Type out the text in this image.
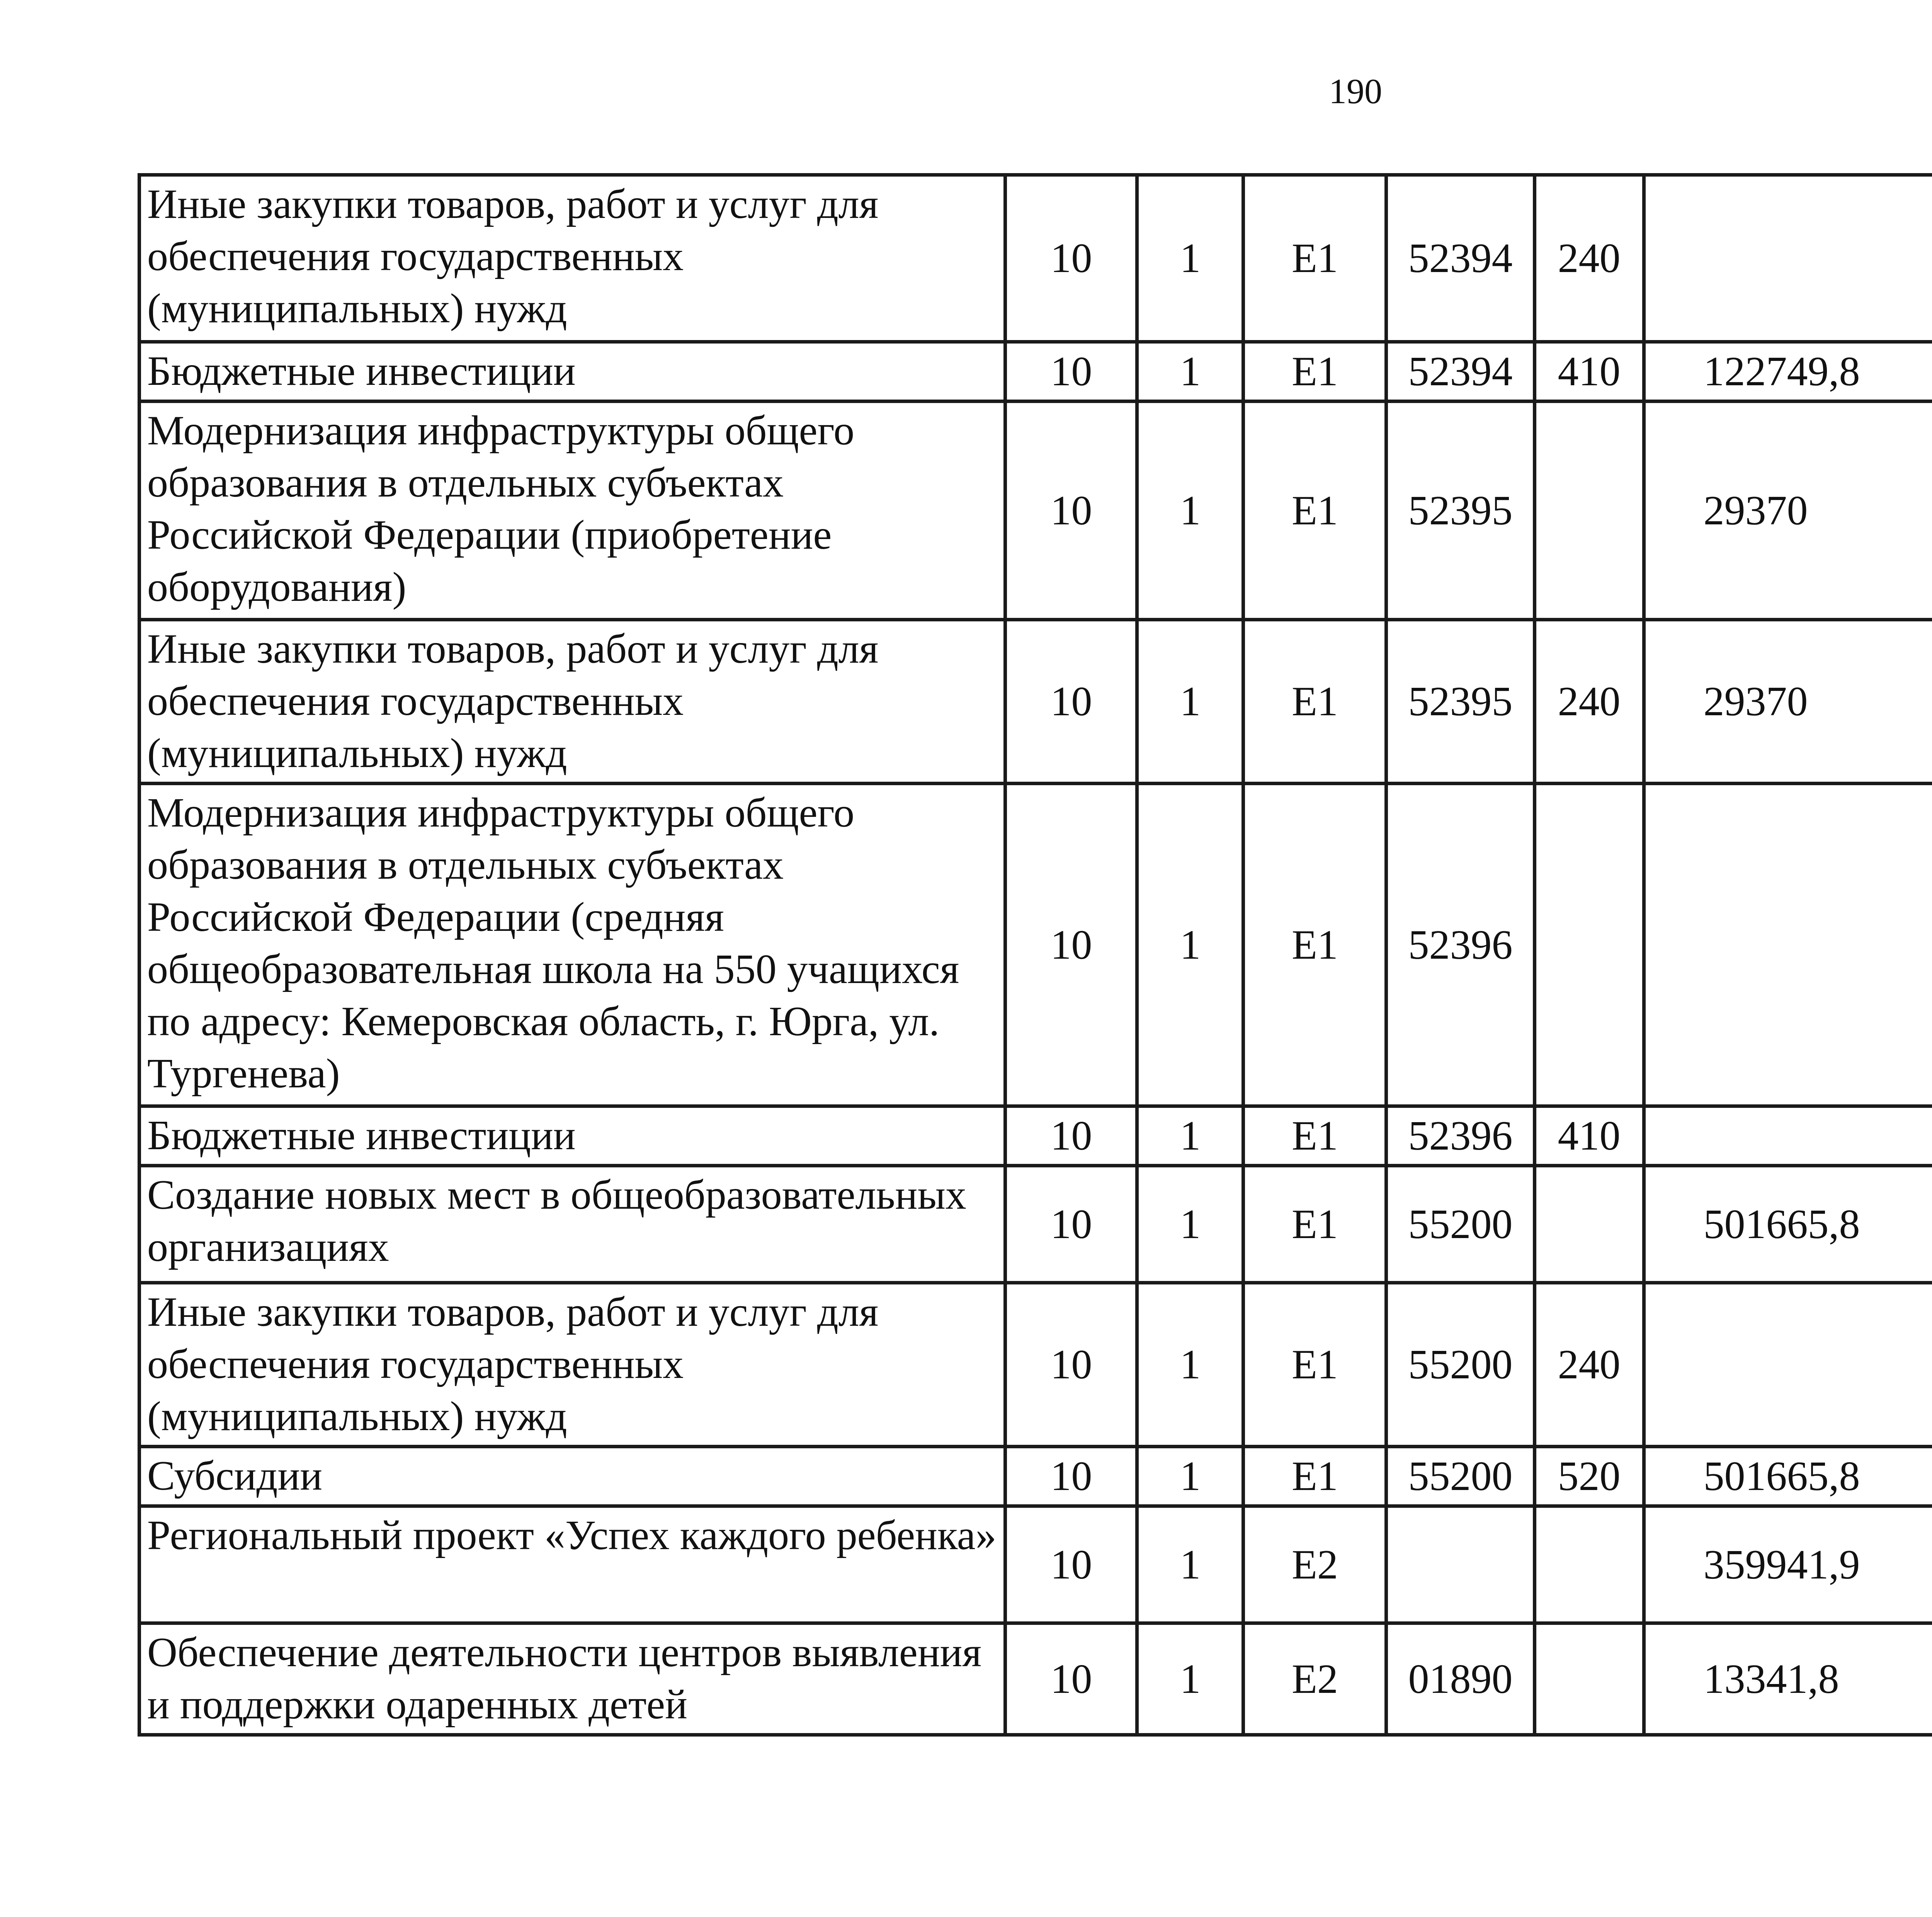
190
Иные закупки товаров, работ и услуг для обеспечения государственных (муниципальных) нужд	10	1	E1	52394	240			
Бюджетные инвестиции	10	1	E1	52394	410	122749,8		
Модернизация инфраструктуры общего образования в отдельных субъектах Российской Федерации (приобретение оборудования)	10	1	E1	52395		29370		
Иные закупки товаров, работ и услуг для обеспечения государственных (муниципальных) нужд	10	1	E1	52395	240	29370		
Модернизация инфраструктуры общего образования в отдельных субъектах Российской Федерации (средняя общеобразовательная школа на 550 учащихся по адресу: Кемеровская область, г. Юрга, ул. Тургенева)	10	1	E1	52396				
Бюджетные инвестиции	10	1	E1	52396	410			
Создание новых мест в общеобразовательных организациях	10	1	E1	55200		501665,8		
Иные закупки товаров, работ и услуг для обеспечения государственных (муниципальных) нужд	10	1	E1	55200	240			
Субсидии	10	1	E1	55200	520	501665,8		
Региональный проект «Успех каждого ребенка»	10	1	E2			359941,9		
Обеспечение деятельности центров выявления и поддержки одаренных детей	10	1	E2	01890		13341,8		
